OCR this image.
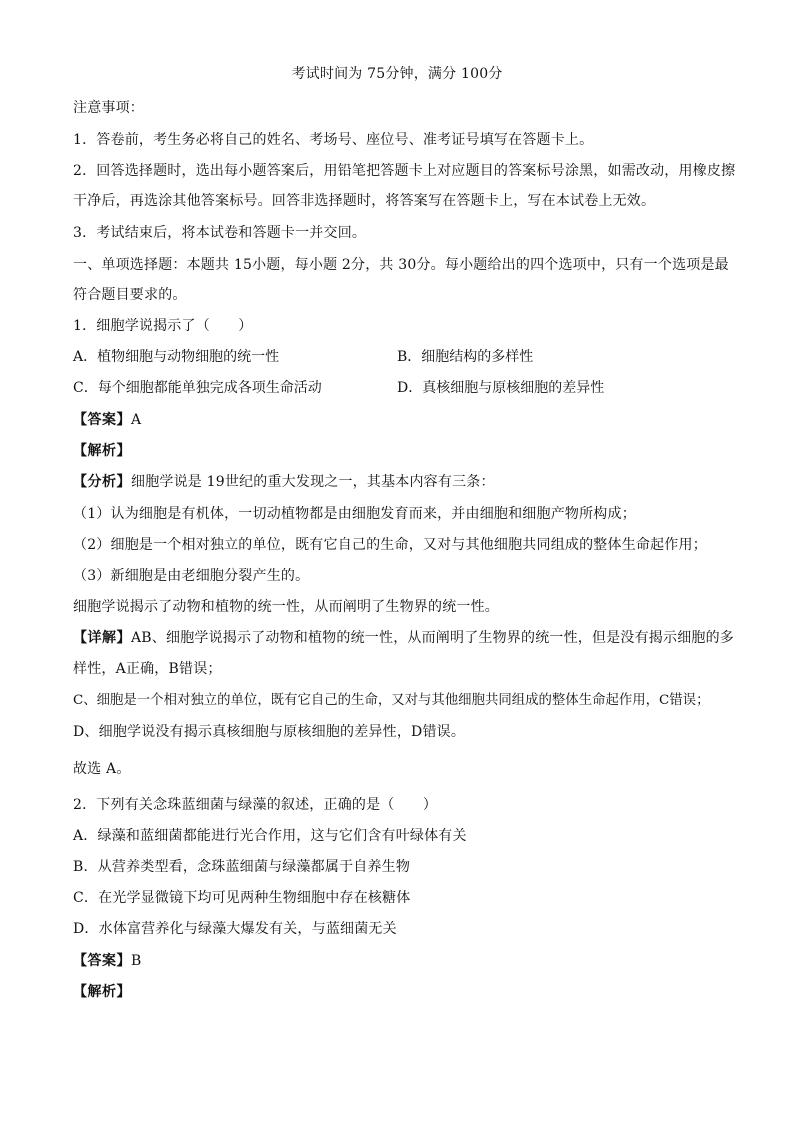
考试时间为 75分钟，满分 100分
注意事项：
1．答卷前，考生务必将自己的姓名、考场号、座位号、准考证号填写在答题卡上。
2．回答选择题时，选出每小题答案后，用铅笔把答题卡上对应题目的答案标号涂黑，如需改动，用橡皮擦
干净后，再选涂其他答案标号。回答非选择题时，将答案写在答题卡上，写在本试卷上无效。
3．考试结束后，将本试卷和答题卡一并交回。
一、单项选择题：本题共 15小题，每小题 2分，共 30分。每小题给出的四个选项中，只有一个选项是最
符合题目要求的。
1．细胞学说揭示了（　　）
A．植物细胞与动物细胞的统一性	B．细胞结构的多样性
C．每个细胞都能单独完成各项生命活动	D．真核细胞与原核细胞的差异性
【答案】A
【解析】
【分析】细胞学说是 19世纪的重大发现之一，其基本内容有三条：
（1）认为细胞是有机体，一切动植物都是由细胞发育而来，并由细胞和细胞产物所构成；
（2）细胞是一个相对独立的单位，既有它自己的生命，又对与其他细胞共同组成的整体生命起作用；
（3）新细胞是由老细胞分裂产生的。
细胞学说揭示了动物和植物的统一性，从而阐明了生物界的统一性。
【详解】AB、细胞学说揭示了动物和植物的统一性，从而阐明了生物界的统一性，但是没有揭示细胞的多
样性，A正确，B错误；
C、细胞是一个相对独立的单位，既有它自己的生命，又对与其他细胞共同组成的整体生命起作用，C错误；
D、细胞学说没有揭示真核细胞与原核细胞的差异性，D错误。
故选 A。
2．下列有关念珠蓝细菌与绿藻的叙述，正确的是（　　）
A．绿藻和蓝细菌都能进行光合作用，这与它们含有叶绿体有关
B．从营养类型看，念珠蓝细菌与绿藻都属于自养生物
C．在光学显微镜下均可见两种生物细胞中存在核糖体
D．水体富营养化与绿藻大爆发有关，与蓝细菌无关
【答案】B
【解析】
